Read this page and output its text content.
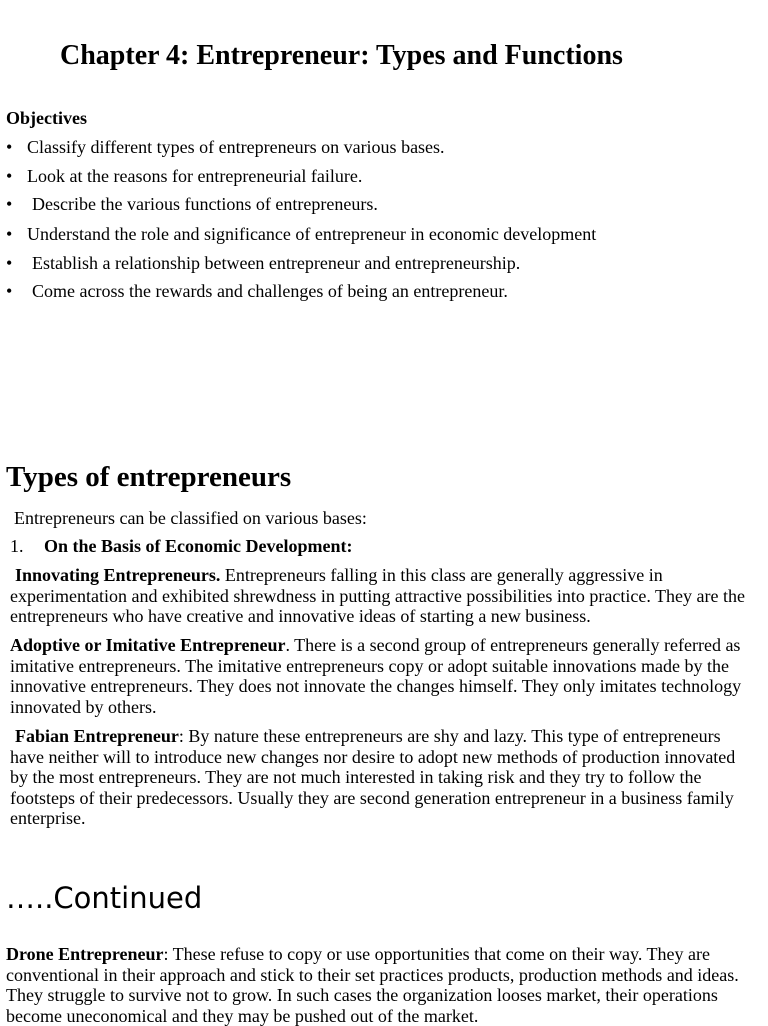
Chapter 4: Entrepreneur: Types and Functions
Objectives
• Classify different types of entrepreneurs on various bases.
• Look at the reasons for entrepreneurial failure.
• Describe the various functions of entrepreneurs.
• Understand the role and significance of entrepreneur in economic development
• Establish a relationship between entrepreneur and entrepreneurship.
• Come across the rewards and challenges of being an entrepreneur.
Types of entrepreneurs
Entrepreneurs can be classified on various bases:
1. On the Basis of Economic Development:
Innovating Entrepreneurs. Entrepreneurs falling in this class are generally aggressive in experimentation and exhibited shrewdness in putting attractive possibilities into practice. They are the entrepreneurs who have creative and innovative ideas of starting a new business.
Adoptive or Imitative Entrepreneur. There is a second group of entrepreneurs generally referred as imitative entrepreneurs. The imitative entrepreneurs copy or adopt suitable innovations made by the innovative entrepreneurs. They does not innovate the changes himself. They only imitates technology innovated by others.
Fabian Entrepreneur: By nature these entrepreneurs are shy and lazy. This type of entrepreneurs have neither will to introduce new changes nor desire to adopt new methods of production innovated by the most entrepreneurs. They are not much interested in taking risk and they try to follow the footsteps of their predecessors. Usually they are second generation entrepreneur in a business family enterprise.
…..Continued
Drone Entrepreneur: These refuse to copy or use opportunities that come on their way. They are conventional in their approach and stick to their set practices products, production methods and ideas. They struggle to survive not to grow. In such cases the organization looses market, their operations become uneconomical and they may be pushed out of the market.
